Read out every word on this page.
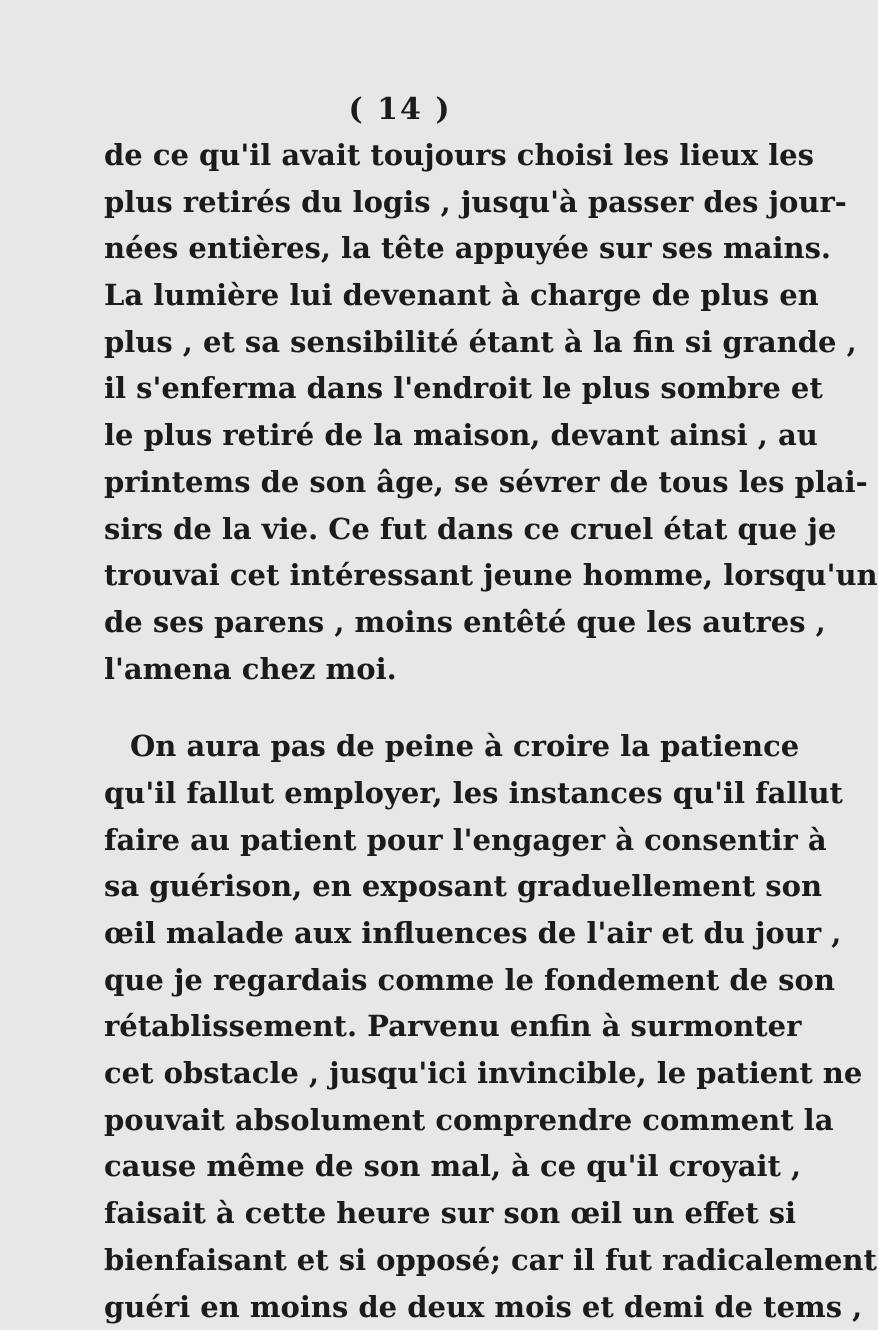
( 14 )
de ce qu'il avait toujours choisi les lieux les
plus retirés du logis , jusqu'à passer des jour-
nées entières, la tête appuyée sur ses mains.
La lumière lui devenant à charge de plus en
plus , et sa sensibilité étant à la fin si grande ,
il s'enferma dans l'endroit le plus sombre et
le plus retiré de la maison, devant ainsi , au
printems de son âge, se sévrer de tous les plai-
sirs de la vie. Ce fut dans ce cruel état que je
trouvai cet intéressant jeune homme, lorsqu'un
de ses parens , moins entêté que les autres ,
l'amena chez moi.
On aura pas de peine à croire la patience
qu'il fallut employer, les instances qu'il fallut
faire au patient pour l'engager à consentir à
sa guérison, en exposant graduellement son
œil malade aux influences de l'air et du jour ,
que je regardais comme le fondement de son
rétablissement. Parvenu enfin à surmonter
cet obstacle , jusqu'ici invincible, le patient ne
pouvait absolument comprendre comment la
cause même de son mal, à ce qu'il croyait ,
faisait à cette heure sur son œil un effet si
bienfaisant et si opposé; car il fut radicalement
guéri en moins de deux mois et demi de tems ,
